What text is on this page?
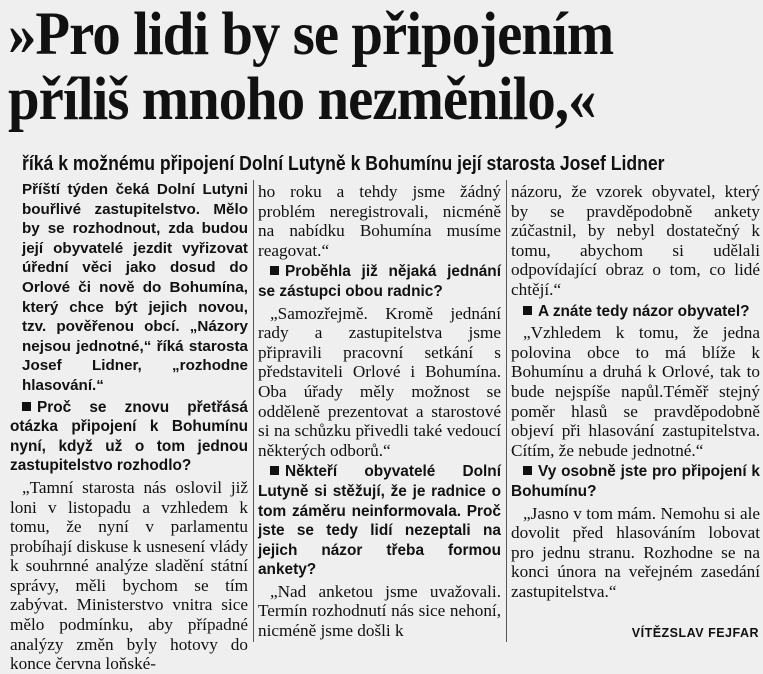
»Pro lidi by se připojením
příliš mnoho nezměnilo,«

říká k možnému připojení Dolní Lutyně k Bohumínu její starosta Josef Lidner

Příští týden čeká Dolní Lutyni bouřlivé zastupitelstvo. Mělo by se rozhodnout, zda budou její obyvatelé jezdit vyřizovat úřední věci jako dosud do Orlové či nově do Bohumína, který chce být jejich novou, tzv. pověřenou obcí. „Názory nejsou jednotné,“ říká starosta Josef Lidner, „rozhodne hlasování.“

Proč se znovu přetřásá otázka připojení k Bohumínu nyní, když už o tom jednou zastupitelstvo rozhodlo?

„Tamní starosta nás oslovil již loni v listopadu a vzhledem k tomu, že nyní v parlamentu probíhají diskuse k usnesení vlády k souhrnné analýze sladění státní správy, měli bychom se tím zabývat. Ministerstvo vnitra sice mělo podmínku, aby případné analýzy změn byly hotovy do konce června loňské-

ho roku a tehdy jsme žádný problém neregistrovali, nicméně na nabídku Bohumína musíme reagovat.“

Proběhla již nějaká jednání se zástupci obou radnic?

„Samozřejmě. Kromě jednání rady a zastupitelstva jsme připravili pracovní setkání s představiteli Orlové i Bohumína. Oba úřady měly možnost se odděleně prezentovat a starostové si na schůzku přivedli také vedoucí některých odborů.“

Někteří obyvatelé Dolní Lutyně si stěžují, že je radnice o tom záměru neinformovala. Proč jste se tedy lidí nezeptali na jejich názor třeba formou ankety?

„Nad anketou jsme uvažovali. Termín rozhodnutí nás sice nehoní, nicméně jsme došli k

názoru, že vzorek obyvatel, který by se pravděpodobně ankety zúčastnil, by nebyl dostatečný k tomu, abychom si udělali odpovídající obraz o tom, co lidé chtějí.“

A znáte tedy názor obyvatel?

„Vzhledem k tomu, že jedna polovina obce to má blíže k Bohumínu a druhá k Orlové, tak to bude nejspíše napůl.Téměř stejný poměr hlasů se pravděpodobně objeví při hlasování zastupitelstva. Cítím, že nebude jednotné.“

Vy osobně jste pro připojení k Bohumínu?

„Jasno v tom mám. Nemohu si ale dovolit před hlasováním lobovat pro jednu stranu. Rozhodne se na konci února na veřejném zasedání zastupitelstva.“

VÍTĚZSLAV FEJFAR
